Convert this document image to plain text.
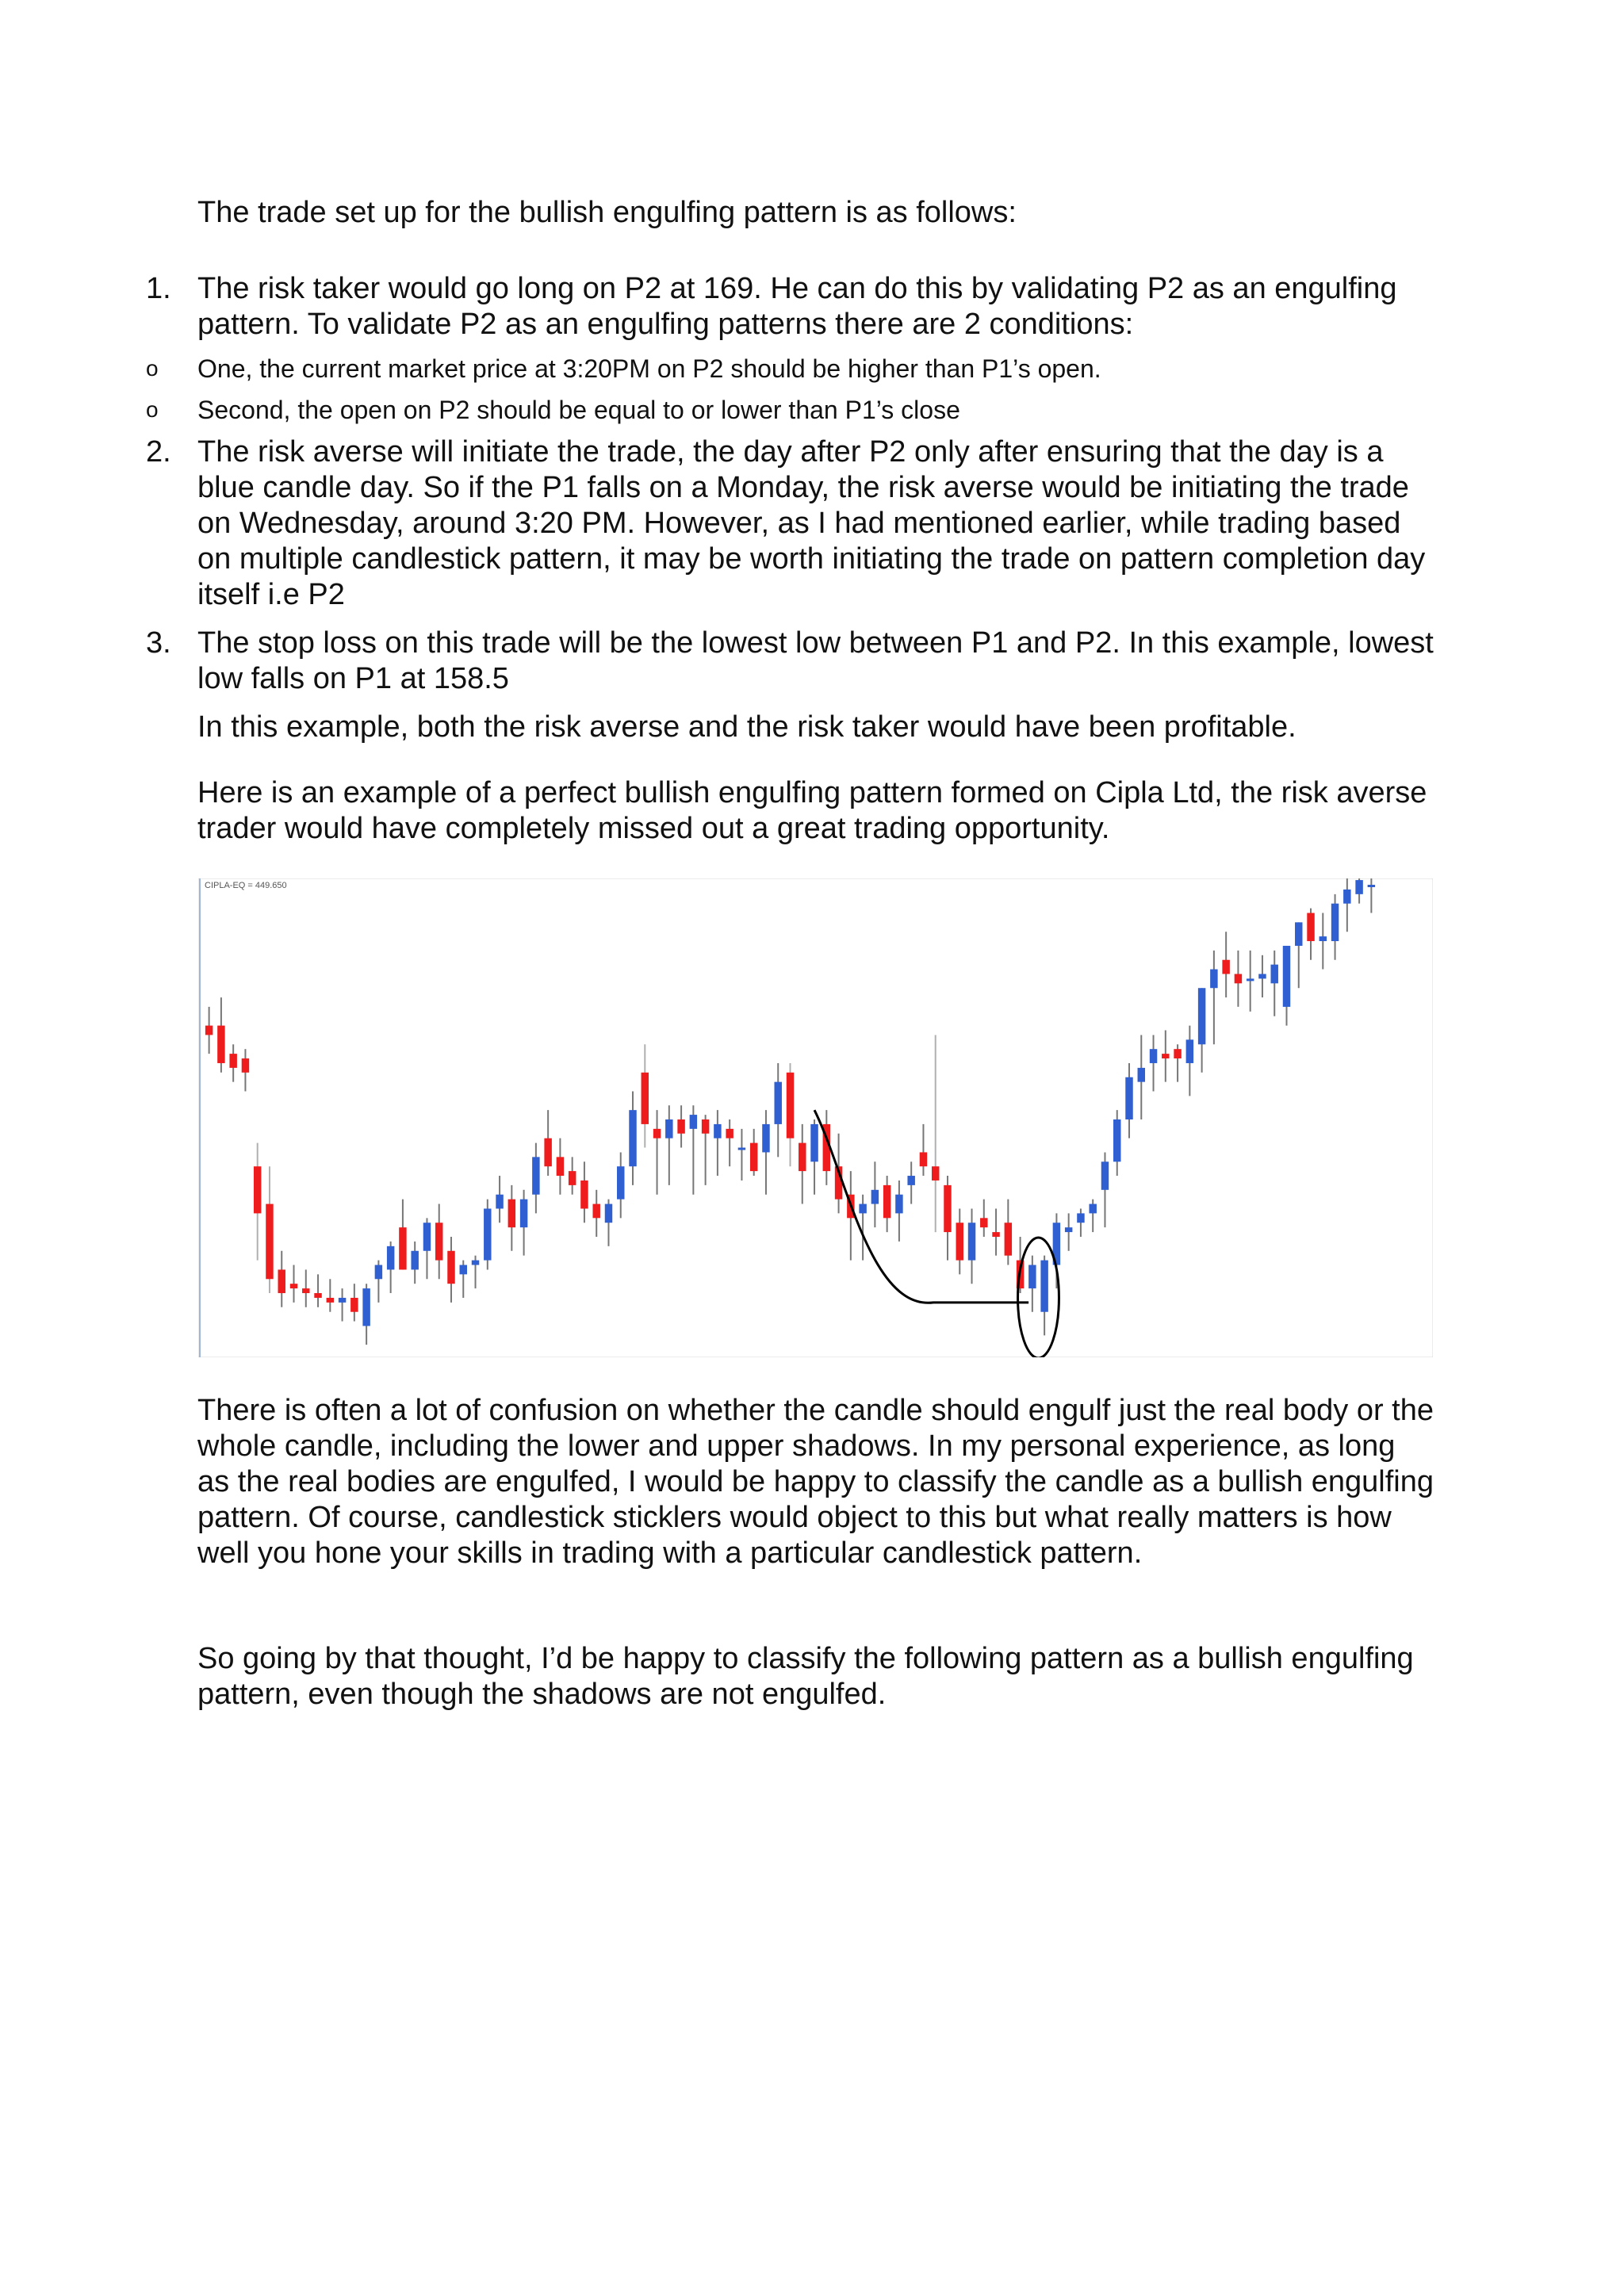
The trade set up for the bullish engulfing pattern is as follows:

1. The risk taker would go long on P2 at 169. He can do this by validating P2 as an engulfing pattern. To validate P2 as an engulfing patterns there are 2 conditions:
o One, the current market price at 3:20PM on P2 should be higher than P1’s open.
o Second, the open on P2 should be equal to or lower than P1’s close
2. The risk averse will initiate the trade, the day after P2 only after ensuring that the day is a blue candle day. So if the P1 falls on a Monday, the risk averse would be initiating the trade on Wednesday, around 3:20 PM. However, as I had mentioned earlier, while trading based on multiple candlestick pattern, it may be worth initiating the trade on pattern completion day itself i.e P2
3. The stop loss on this trade will be the lowest low between P1 and P2. In this example, lowest low falls on P1 at 158.5

In this example, both the risk averse and the risk taker would have been profitable.

Here is an example of a perfect bullish engulfing pattern formed on Cipla Ltd, the risk averse trader would have completely missed out a great trading opportunity.

CIPLA-EQ = 449.650

There is often a lot of confusion on whether the candle should engulf just the real body or the whole candle, including the lower and upper shadows. In my personal experience, as long as the real bodies are engulfed, I would be happy to classify the candle as a bullish engulfing pattern. Of course, candlestick sticklers would object to this but what really matters is how well you hone your skills in trading with a particular candlestick pattern.

So going by that thought, I’d be happy to classify the following pattern as a bullish engulfing pattern, even though the shadows are not engulfed.
